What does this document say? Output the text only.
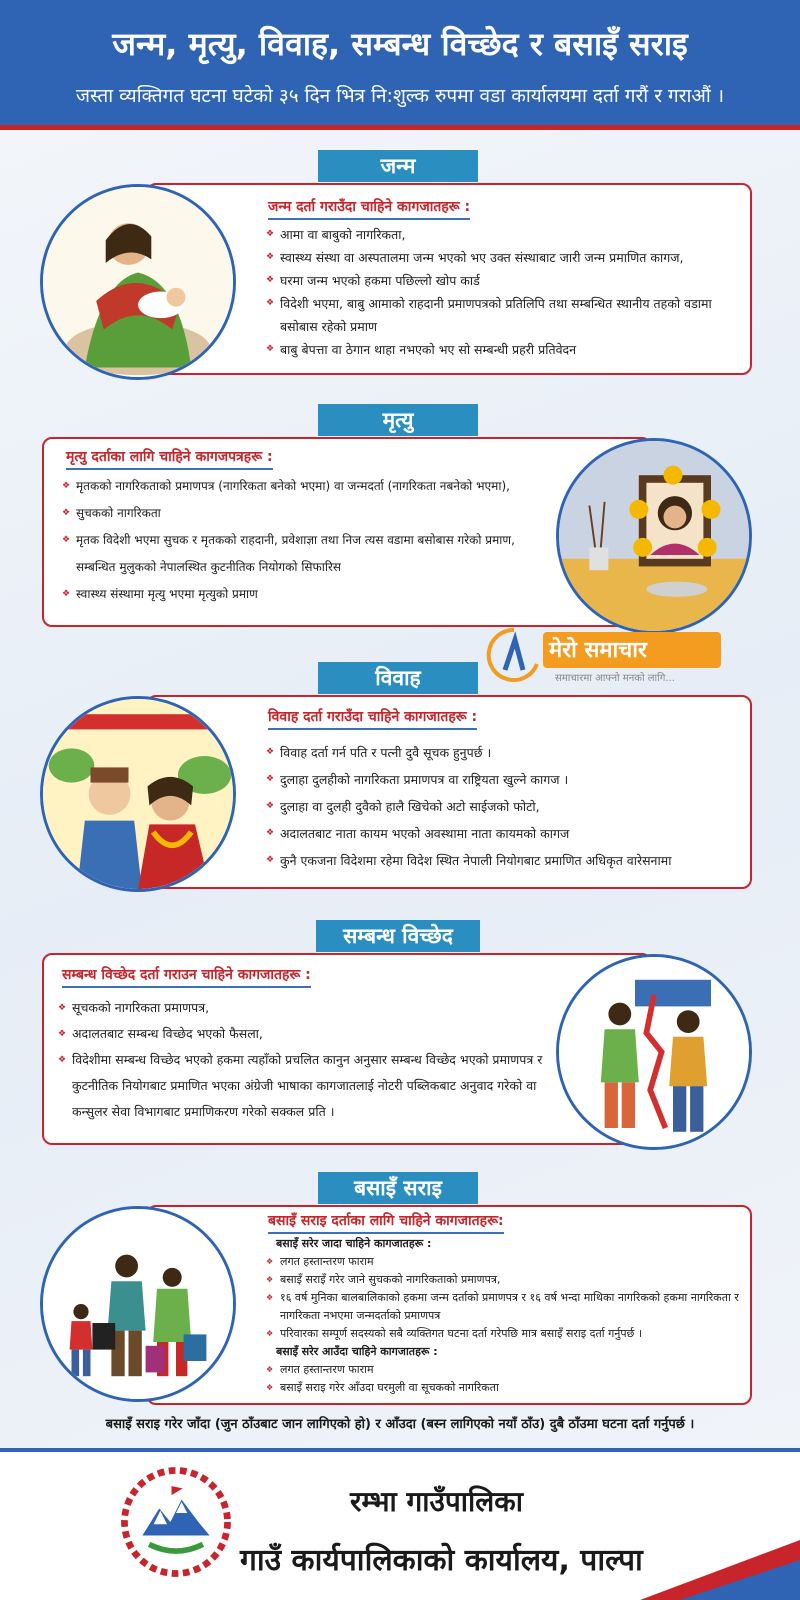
जन्म, मृत्यु, विवाह, सम्बन्ध विच्छेद र बसाइँ सराइ
जस्ता व्यक्तिगत घटना घटेको ३५ दिन भित्र नि:शुल्क रुपमा वडा कार्यालयमा दर्ता गरौं र गराऔं ।
जन्म
जन्म दर्ता गराउँदा चाहिने कागजातहरू :
❖ आमा वा बाबुको नागरिकता,
❖ स्वास्थ्य संस्था वा अस्पतालमा जन्म भएको भए उक्त संस्थाबाट जारी जन्म प्रमाणित कागज,
❖ घरमा जन्म भएको हकमा पछिल्लो खोप कार्ड
❖ विदेशी भएमा, बाबु आमाको राहदानी प्रमाणपत्रको प्रतिलिपि तथा सम्बन्धित स्थानीय तहको वडामा बसोबास रहेको प्रमाण
❖ बाबु बेपत्ता वा ठेगान थाहा नभएको भए सो सम्बन्धी प्रहरी प्रतिवेदन
मृत्यु
मृत्यु दर्ताका लागि चाहिने कागजपत्रहरू :
❖ मृतकको नागरिकताको प्रमाणपत्र (नागरिकता बनेको भएमा) वा जन्मदर्ता (नागरिकता नबनेको भएमा),
❖ सुचकको नागरिकता
❖ मृतक विदेशी भएमा सुचक र मृतकको राहदानी, प्रवेशाज्ञा तथा निज त्यस वडामा बसोबास गरेको प्रमाण, सम्बन्धित मुलुकको नेपालस्थित कुटनीतिक नियोगको सिफारिस
❖ स्वास्थ्य संस्थामा मृत्यु भएमा मृत्युको प्रमाण
मेरो समाचार
समाचारमा आफ्नो मनको लागि...
विवाह
विवाह दर्ता गराउँदा चाहिने कागजातहरू :
❖ विवाह दर्ता गर्न पति र पत्नी दुवै सूचक हुनुपर्छ ।
❖ दुलाहा दुलहीको नागरिकता प्रमाणपत्र वा राष्ट्रियता खुल्ने कागज ।
❖ दुलाहा वा दुलही दुवैको हालै खिचेको अटो साईजको फोटो,
❖ अदालतबाट नाता कायम भएको अवस्थामा नाता कायमको कागज
❖ कुनै एकजना विदेशमा रहेमा विदेश स्थित नेपाली नियोगबाट प्रमाणित अधिकृत वारेसनामा
सम्बन्ध विच्छेद
सम्बन्ध विच्छेद दर्ता गराउन चाहिने कागजातहरू :
❖ सूचकको नागरिकता प्रमाणपत्र,
❖ अदालतबाट सम्बन्ध विच्छेद भएको फैसला,
❖ विदेशीमा सम्बन्ध विच्छेद भएको हकमा त्यहाँको प्रचलित कानुन अनुसार सम्बन्ध विच्छेद भएको प्रमाणपत्र र कुटनीतिक नियोगबाट प्रमाणित भएका अंग्रेजी भाषाका कागजातलाई नोटरी पब्लिकबाट अनुवाद गरेको वा कन्सुलर सेवा विभागबाट प्रमाणिकरण गरेको सक्कल प्रति ।
बसाइँ सराइ
बसाइँ सराइ दर्ताका लागि चाहिने कागजातहरू:
बसाइँ सरेर जादा चाहिने कागजातहरू :
❖ लगत हस्तान्तरण फाराम
❖ बसाइँ सराइँ गरेर जाने सुचकको नागरिकताको प्रमाणपत्र,
❖ १६ वर्ष मुनिका बालबालिकाको हकमा जन्म दर्ताको प्रमाणपत्र र १६ वर्ष भन्दा माथिका नागरिकको हकमा नागरिकता र नागरिकता नभएमा जन्मदर्ताको प्रमाणपत्र
❖ परिवारका सम्पूर्ण सदस्यको सबै व्यक्तिगत घटना दर्ता गरेपछि मात्र बसाइँ सराइ दर्ता गर्नुपर्छ ।
बसाइँ सरेर आउँदा चाहिने कागजातहरू :
❖ लगत हस्तान्तरण फाराम
❖ बसाइँ सराइ गरेर आँउदा घरमुली वा सूचकको नागरिकता
बसाइँ सराइ गरेर जाँदा (जुन ठाँउबाट जान लागिएको हो) र आँउदा (बस्न लागिएको नयाँ ठाँउ) दुबै ठाँउमा घटना दर्ता गर्नुपर्छ ।
रम्भा गाउँपालिका
गाउँ कार्यपालिकाको कार्यालय, पाल्पा
